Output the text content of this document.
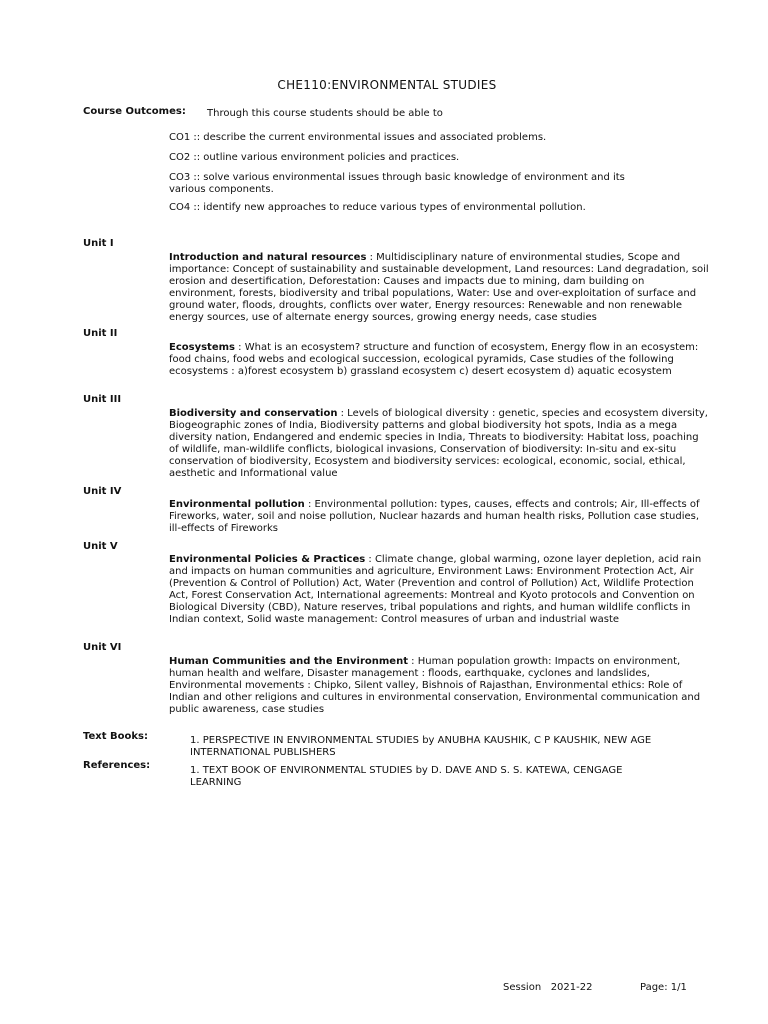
CHE110:ENVIRONMENTAL STUDIES
Course Outcomes: Through this course students should be able to
CO1 :: describe the current environmental issues and associated problems.
CO2 :: outline various environment policies and practices.
CO3 :: solve various environmental issues through basic knowledge of environment and its various components.
CO4 :: identify new approaches to reduce various types of environmental pollution.
Unit I
Introduction and natural resources : Multidisciplinary nature of environmental studies, Scope and importance: Concept of sustainability and sustainable development, Land resources: Land degradation, soil erosion and desertification, Deforestation: Causes and impacts due to mining, dam building on environment, forests, biodiversity and tribal populations, Water: Use and over-exploitation of surface and ground water, floods, droughts, conflicts over water, Energy resources: Renewable and non renewable energy sources, use of alternate energy sources, growing energy needs, case studies
Unit II
Ecosystems : What is an ecosystem? structure and function of ecosystem, Energy flow in an ecosystem: food chains, food webs and ecological succession, ecological pyramids, Case studies of the following ecosystems : a)forest ecosystem b) grassland ecosystem c) desert ecosystem d) aquatic ecosystem
Unit III
Biodiversity and conservation : Levels of biological diversity : genetic, species and ecosystem diversity, Biogeographic zones of India, Biodiversity patterns and global biodiversity hot spots, India as a mega diversity nation, Endangered and endemic species in India, Threats to biodiversity: Habitat loss, poaching of wildlife, man-wildlife conflicts, biological invasions, Conservation of biodiversity: In-situ and ex-situ conservation of biodiversity, Ecosystem and biodiversity services: ecological, economic, social, ethical, aesthetic and Informational value
Unit IV
Environmental pollution : Environmental pollution: types, causes, effects and controls; Air, Ill-effects of Fireworks, water, soil and noise pollution, Nuclear hazards and human health risks, Pollution case studies, ill-effects of Fireworks
Unit V
Environmental Policies & Practices : Climate change, global warming, ozone layer depletion, acid rain and impacts on human communities and agriculture, Environment Laws: Environment Protection Act, Air (Prevention & Control of Pollution) Act, Water (Prevention and control of Pollution) Act, Wildlife Protection Act, Forest Conservation Act, International agreements: Montreal and Kyoto protocols and Convention on Biological Diversity (CBD), Nature reserves, tribal populations and rights, and human wildlife conflicts in Indian context, Solid waste management: Control measures of urban and industrial waste
Unit VI
Human Communities and the Environment : Human population growth: Impacts on environment, human health and welfare, Disaster management : floods, earthquake, cyclones and landslides, Environmental movements : Chipko, Silent valley, Bishnois of Rajasthan, Environmental ethics: Role of Indian and other religions and cultures in environmental conservation, Environmental communication and public awareness, case studies
Text Books:	1. PERSPECTIVE IN ENVIRONMENTAL STUDIES by ANUBHA KAUSHIK, C P KAUSHIK, NEW AGE INTERNATIONAL PUBLISHERS
References:	1. TEXT BOOK OF ENVIRONMENTAL STUDIES by D. DAVE AND S. S. KATEWA, CENGAGE LEARNING
Session   2021-22	Page: 1/1
